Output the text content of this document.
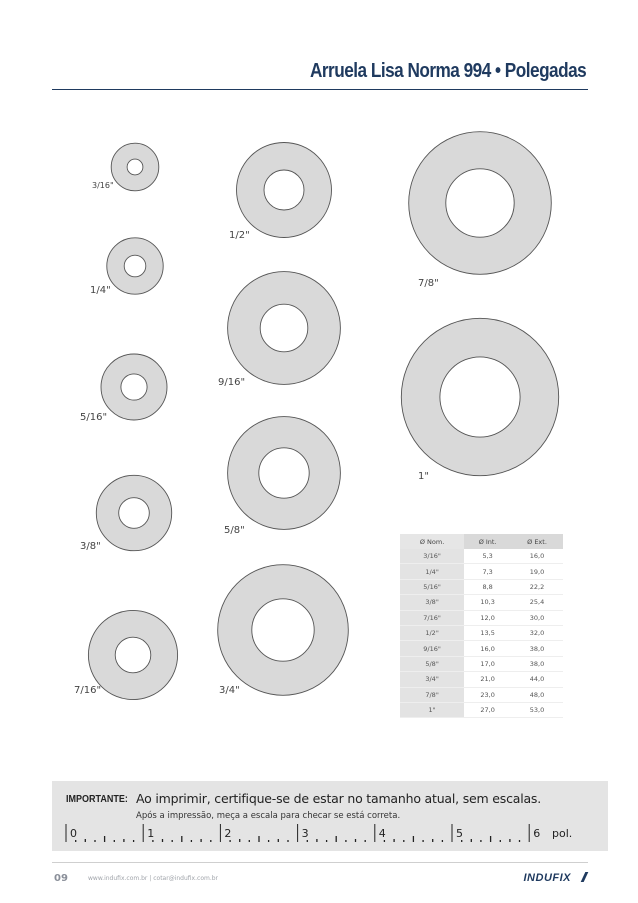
Arruela Lisa Norma 994 • Polegadas
3/16"
1/4"
5/16"
3/8"
7/16"
1/2"
9/16"
5/8"
3/4"
7/8"
1"
Ø Nom.	Ø Int.	Ø Ext.
3/16"	5,3	16,0
1/4"	7,3	19,0
5/16"	8,8	22,2
3/8"	10,3	25,4
7/16"	12,0	30,0
1/2"	13,5	32,0
9/16"	16,0	38,0
5/8"	17,0	38,0
3/4"	21,0	44,0
7/8"	23,0	48,0
1"	27,0	53,0
IMPORTANTE: Ao imprimir, certifique-se de estar no tamanho atual, sem escalas.
Após a impressão, meça a escala para checar se está correta.
0	1	2	3	4	5	6 pol.
09	www.indufix.com.br | cotar@indufix.com.br	INDUFIX
